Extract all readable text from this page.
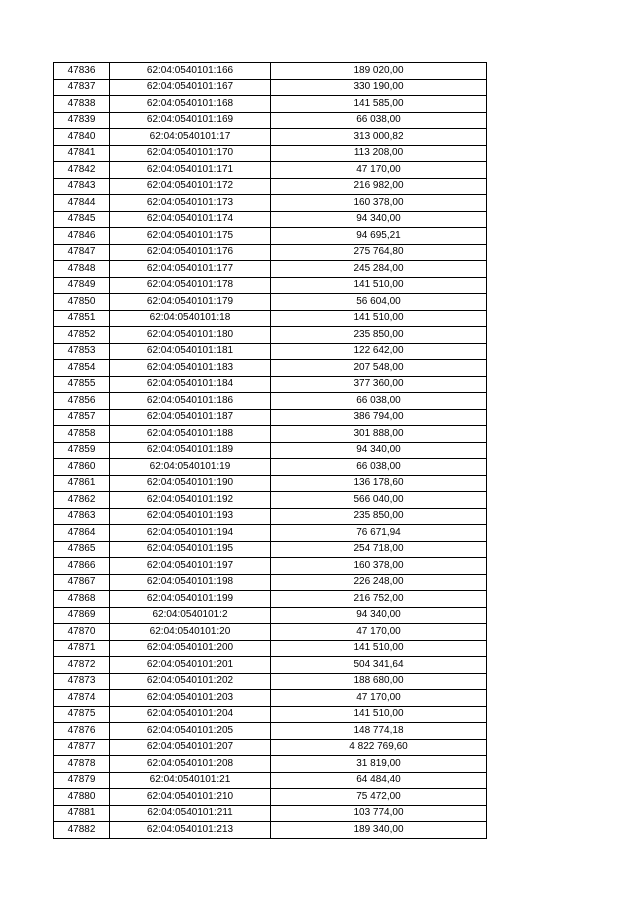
47836	62:04:0540101:166	189 020,00
47837	62:04:0540101:167	330 190,00
47838	62:04:0540101:168	141 585,00
47839	62:04:0540101:169	66 038,00
47840	62:04:0540101:17	313 000,82
47841	62:04:0540101:170	113 208,00
47842	62:04:0540101:171	47 170,00
47843	62:04:0540101:172	216 982,00
47844	62:04:0540101:173	160 378,00
47845	62:04:0540101:174	94 340,00
47846	62:04:0540101:175	94 695,21
47847	62:04:0540101:176	275 764,80
47848	62:04:0540101:177	245 284,00
47849	62:04:0540101:178	141 510,00
47850	62:04:0540101:179	56 604,00
47851	62:04:0540101:18	141 510,00
47852	62:04:0540101:180	235 850,00
47853	62:04:0540101:181	122 642,00
47854	62:04:0540101:183	207 548,00
47855	62:04:0540101:184	377 360,00
47856	62:04:0540101:186	66 038,00
47857	62:04:0540101:187	386 794,00
47858	62:04:0540101:188	301 888,00
47859	62:04:0540101:189	94 340,00
47860	62:04:0540101:19	66 038,00
47861	62:04:0540101:190	136 178,60
47862	62:04:0540101:192	566 040,00
47863	62:04:0540101:193	235 850,00
47864	62:04:0540101:194	76 671,94
47865	62:04:0540101:195	254 718,00
47866	62:04:0540101:197	160 378,00
47867	62:04:0540101:198	226 248,00
47868	62:04:0540101:199	216 752,00
47869	62:04:0540101:2	94 340,00
47870	62:04:0540101:20	47 170,00
47871	62:04:0540101:200	141 510,00
47872	62:04:0540101:201	504 341,64
47873	62:04:0540101:202	188 680,00
47874	62:04:0540101:203	47 170,00
47875	62:04:0540101:204	141 510,00
47876	62:04:0540101:205	148 774,18
47877	62:04:0540101:207	4 822 769,60
47878	62:04:0540101:208	31 819,00
47879	62:04:0540101:21	64 484,40
47880	62:04:0540101:210	75 472,00
47881	62:04:0540101:211	103 774,00
47882	62:04:0540101:213	189 340,00
